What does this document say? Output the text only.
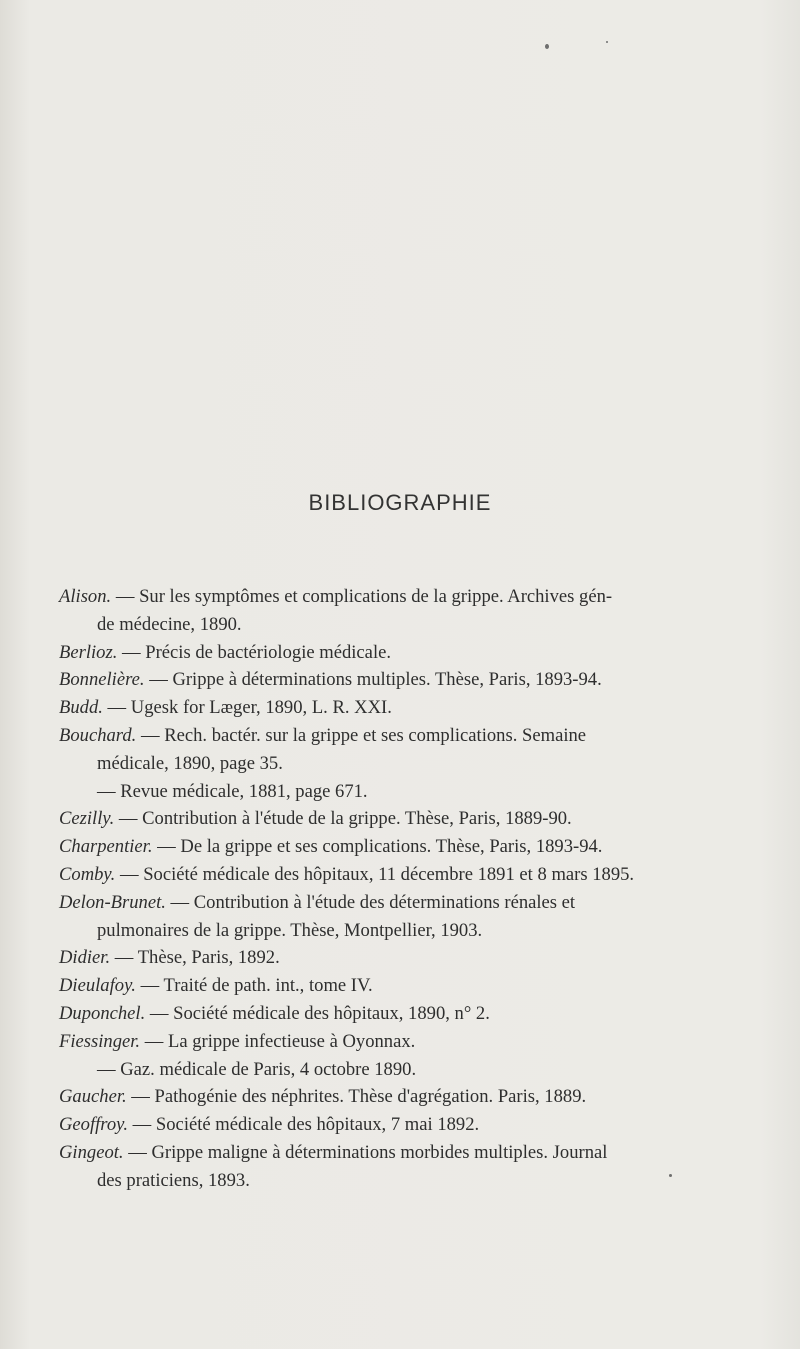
BIBLIOGRAPHIE
Alison. — Sur les symptômes et complications de la grippe. Archives gén-
de médecine, 1890.
Berlioz. — Précis de bactériologie médicale.
Bonnelière. — Grippe à déterminations multiples. Thèse, Paris, 1893-94.
Budd. — Ugesk for Læger, 1890, L. R. XXI.
Bouchard. — Rech. bactér. sur la grippe et ses complications. Semaine
médicale, 1890, page 35.
— Revue médicale, 1881, page 671.
Cezilly. — Contribution à l'étude de la grippe. Thèse, Paris, 1889-90.
Charpentier. — De la grippe et ses complications. Thèse, Paris, 1893-94.
Comby. — Société médicale des hôpitaux, 11 décembre 1891 et 8 mars 1895.
Delon-Brunet. — Contribution à l'étude des déterminations rénales et
pulmonaires de la grippe. Thèse, Montpellier, 1903.
Didier. — Thèse, Paris, 1892.
Dieulafoy. — Traité de path. int., tome IV.
Duponchel. — Société médicale des hôpitaux, 1890, n° 2.
Fiessinger. — La grippe infectieuse à Oyonnax.
— Gaz. médicale de Paris, 4 octobre 1890.
Gaucher. — Pathogénie des néphrites. Thèse d'agrégation. Paris, 1889.
Geoffroy. — Société médicale des hôpitaux, 7 mai 1892.
Gingeot. — Grippe maligne à déterminations morbides multiples. Journal
des praticiens, 1893.
